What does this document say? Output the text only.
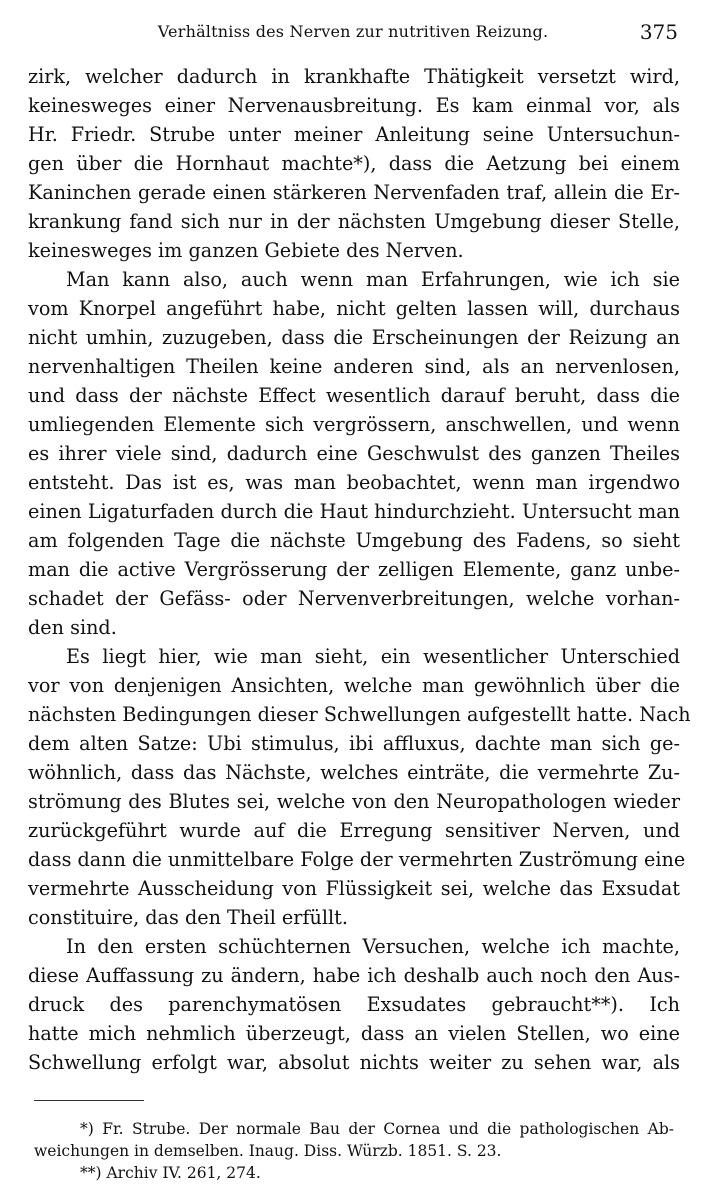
Verhältniss des Nerven zur nutritiven Reizung.	375
zirk, welcher dadurch in krankhafte Thätigkeit versetzt wird,
keinesweges einer Nervenausbreitung. Es kam einmal vor, als
Hr. Friedr. Strube unter meiner Anleitung seine Untersuchun-
gen über die Hornhaut machte*), dass die Aetzung bei einem
Kaninchen gerade einen stärkeren Nervenfaden traf, allein die Er-
krankung fand sich nur in der nächsten Umgebung dieser Stelle,
keinesweges im ganzen Gebiete des Nerven.
Man kann also, auch wenn man Erfahrungen, wie ich sie
vom Knorpel angeführt habe, nicht gelten lassen will, durchaus
nicht umhin, zuzugeben, dass die Erscheinungen der Reizung an
nervenhaltigen Theilen keine anderen sind, als an nervenlosen,
und dass der nächste Effect wesentlich darauf beruht, dass die
umliegenden Elemente sich vergrössern, anschwellen, und wenn
es ihrer viele sind, dadurch eine Geschwulst des ganzen Theiles
entsteht. Das ist es, was man beobachtet, wenn man irgendwo
einen Ligaturfaden durch die Haut hindurchzieht. Untersucht man
am folgenden Tage die nächste Umgebung des Fadens, so sieht
man die active Vergrösserung der zelligen Elemente, ganz unbe-
schadet der Gefäss- oder Nervenverbreitungen, welche vorhan-
den sind.
Es liegt hier, wie man sieht, ein wesentlicher Unterschied
vor von denjenigen Ansichten, welche man gewöhnlich über die
nächsten Bedingungen dieser Schwellungen aufgestellt hatte. Nach
dem alten Satze: Ubi stimulus, ibi affluxus, dachte man sich ge-
wöhnlich, dass das Nächste, welches einträte, die vermehrte Zu-
strömung des Blutes sei, welche von den Neuropathologen wieder
zurückgeführt wurde auf die Erregung sensitiver Nerven, und
dass dann die unmittelbare Folge der vermehrten Zuströmung eine
vermehrte Ausscheidung von Flüssigkeit sei, welche das Exsudat
constituire, das den Theil erfüllt.
In den ersten schüchternen Versuchen, welche ich machte,
diese Auffassung zu ändern, habe ich deshalb auch noch den Aus-
druck des parenchymatösen Exsudates gebraucht**). Ich
hatte mich nehmlich überzeugt, dass an vielen Stellen, wo eine
Schwellung erfolgt war, absolut nichts weiter zu sehen war, als
*) Fr. Strube. Der normale Bau der Cornea und die pathologischen Ab-
weichungen in demselben. Inaug. Diss. Würzb. 1851. S. 23.
**) Archiv IV. 261, 274.
